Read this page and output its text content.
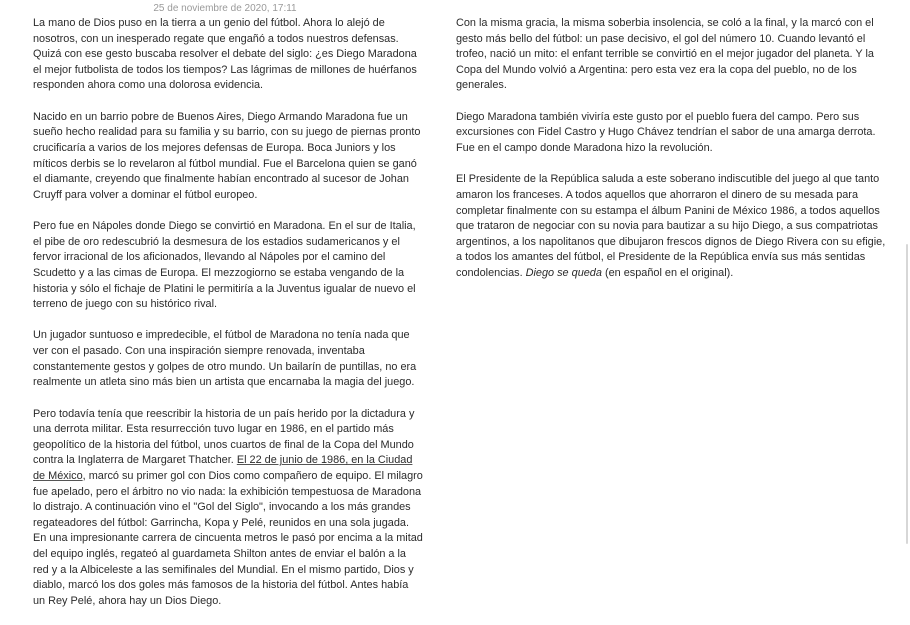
25 de noviembre de 2020, 17:11

La mano de Dios puso en la tierra a un genio del fútbol. Ahora lo alejó de nosotros, con un inesperado regate que engañó a todos nuestros defensas. Quizá con ese gesto buscaba resolver el debate del siglo: ¿es Diego Maradona el mejor futbolista de todos los tiempos? Las lágrimas de millones de huérfanos responden ahora como una dolorosa evidencia.

Nacido en un barrio pobre de Buenos Aires, Diego Armando Maradona fue un sueño hecho realidad para su familia y su barrio, con su juego de piernas pronto crucificaría a varios de los mejores defensas de Europa. Boca Juniors y los míticos derbis se lo revelaron al fútbol mundial. Fue el Barcelona quien se ganó el diamante, creyendo que finalmente habían encontrado al sucesor de Johan Cruyff para volver a dominar el fútbol europeo.

Pero fue en Nápoles donde Diego se convirtió en Maradona. En el sur de Italia, el pibe de oro redescubrió la desmesura de los estadios sudamericanos y el fervor irracional de los aficionados, llevando al Nápoles por el camino del Scudetto y a las cimas de Europa. El mezzogiorno se estaba vengando de la historia y sólo el fichaje de Platini le permitiría a la Juventus igualar de nuevo el terreno de juego con su histórico rival.

Un jugador suntuoso e impredecible, el fútbol de Maradona no tenía nada que ver con el pasado. Con una inspiración siempre renovada, inventaba constantemente gestos y golpes de otro mundo. Un bailarín de puntillas, no era realmente un atleta sino más bien un artista que encarnaba la magia del juego.

Pero todavía tenía que reescribir la historia de un país herido por la dictadura y una derrota militar. Esta resurrección tuvo lugar en 1986, en el partido más geopolítico de la historia del fútbol, unos cuartos de final de la Copa del Mundo contra la Inglaterra de Margaret Thatcher. El 22 de junio de 1986, en la Ciudad de México, marcó su primer gol con Dios como compañero de equipo. El milagro fue apelado, pero el árbitro no vio nada: la exhibición tempestuosa de Maradona lo distrajo. A continuación vino el "Gol del Siglo", invocando a los más grandes regateadores del fútbol: Garrincha, Kopa y Pelé, reunidos en una sola jugada. En una impresionante carrera de cincuenta metros le pasó por encima a la mitad del equipo inglés, regateó al guardameta Shilton antes de enviar el balón a la red y a la Albiceleste a las semifinales del Mundial. En el mismo partido, Dios y diablo, marcó los dos goles más famosos de la historia del fútbol. Antes había un Rey Pelé, ahora hay un Dios Diego.

Con la misma gracia, la misma soberbia insolencia, se coló a la final, y la marcó con el gesto más bello del fútbol: un pase decisivo, el gol del número 10. Cuando levantó el trofeo, nació un mito: el enfant terrible se convirtió en el mejor jugador del planeta. Y la Copa del Mundo volvió a Argentina: pero esta vez era la copa del pueblo, no de los generales.

Diego Maradona también viviría este gusto por el pueblo fuera del campo. Pero sus excursiones con Fidel Castro y Hugo Chávez tendrían el sabor de una amarga derrota. Fue en el campo donde Maradona hizo la revolución.

El Presidente de la República saluda a este soberano indiscutible del juego al que tanto amaron los franceses. A todos aquellos que ahorraron el dinero de su mesada para completar finalmente con su estampa el álbum Panini de México 1986, a todos aquellos que trataron de negociar con su novia para bautizar a su hijo Diego, a sus compatriotas argentinos, a los napolitanos que dibujaron frescos dignos de Diego Rivera con su efigie, a todos los amantes del fútbol, el Presidente de la República envía sus más sentidas condolencias. Diego se queda (en español en el original).
